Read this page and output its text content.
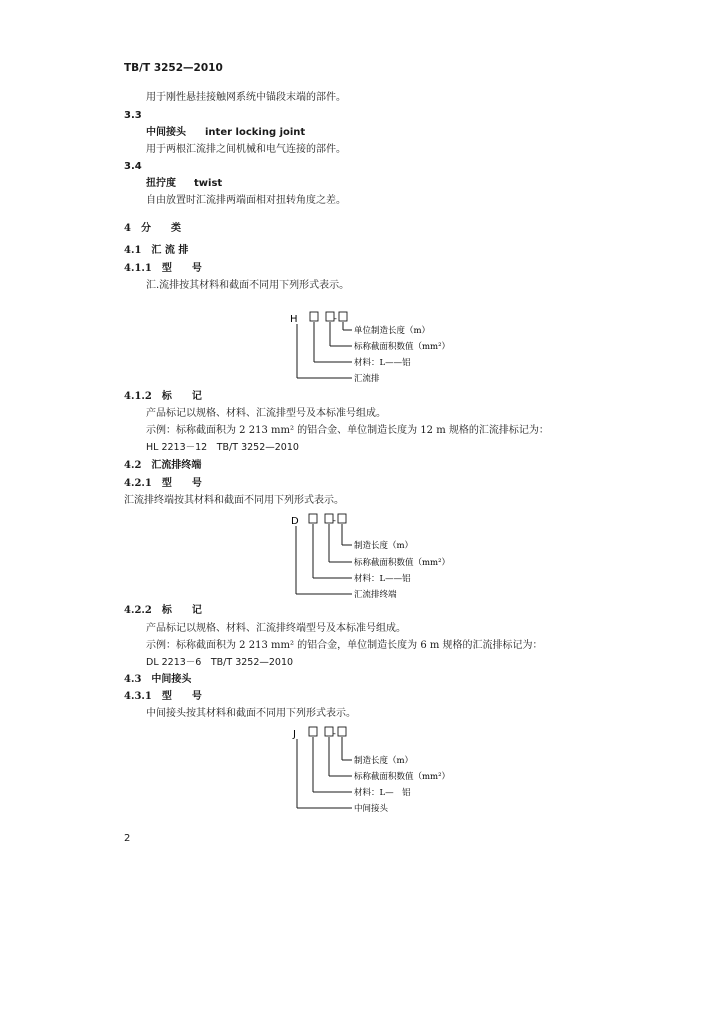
TB/T 3252—2010
用于刚性悬挂接触网系统中锚段末端的部件。
3.3
中间接头 inter locking joint
用于两根汇流排之间机械和电气连接的部件。
3.4
扭拧度 twist
自由放置时汇流排两端面相对扭转角度之差。
4　分　　类
4.1　汇 流 排
4.1.1　型　　号
汇.流排按其材料和截面不同用下列形式表示。
4.1.2　标　　记
产品标记以规格、材料、汇流排型号及本标准号组成。
示例：标称截面积为 2 213 mm² 的铝合金、单位制造长度为 12 m 规格的汇流排标记为：
HL 2213－12　TB/T 3252—2010
4.2　汇流排终端
4.2.1　型　　号
汇流排终端按其材料和截面不同用下列形式表示。
4.2.2　标　　记
产品标记以规格、材料、汇流排终端型号及本标准号组成。
示例：标称截面积为 2 213 mm² 的铝合金，单位制造长度为 6 m 规格的汇流排标记为：
DL 2213－6　TB/T 3252—2010
4.3　中间接头
4.3.1　型　　号
中间接头按其材料和截面不同用下列形式表示。
H	-
单位制造长度（m）
标称截面积数值（mm²）
材料：L——铝
汇流排
D	-
制造长度（m）
标称截面积数值（mm²）
材料：L——铝
汇流排终端
J	-
制造长度（m）
标称截面积数值（mm²）
材料：L—　铝
中间接头
2
